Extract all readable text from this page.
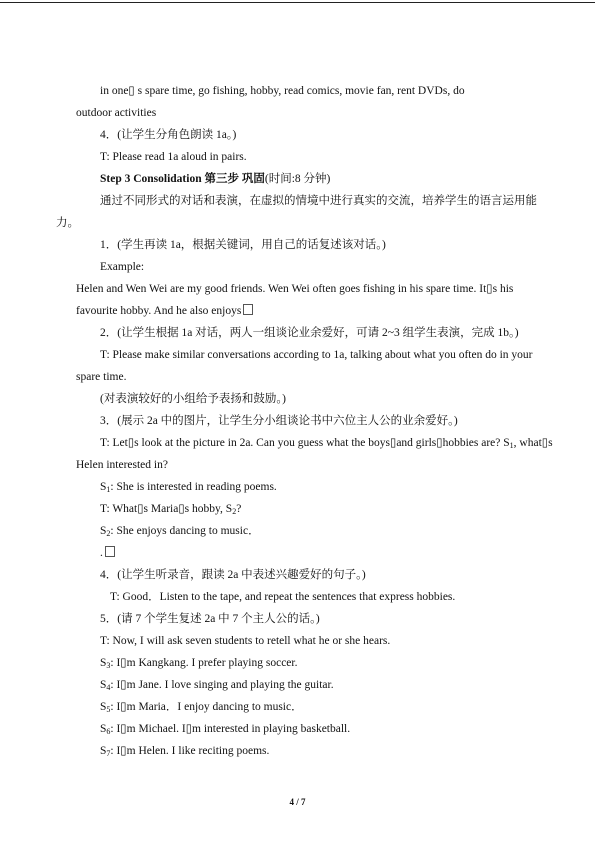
in one▯ s spare time, go fishing, hobby, read comics, movie fan, rent DVDs, do
outdoor activities
4．(让学生分角色朗读 1a。)
T: Please read 1a aloud in pairs.
Step 3 Consolidation 第三步 巩固(时间:8 分钟)
通过不同形式的对话和表演，在虚拟的情境中进行真实的交流，培养学生的语言运用能
力。
1．(学生再读 1a，根据关键词，用自己的话复述该对话。)
Example:
Helen and Wen Wei are my good friends. Wen Wei often goes fishing in his spare time. It▯s his
favourite hobby. And he also enjoys
2．(让学生根据 1a 对话，两人一组谈论业余爱好，可请 2~3 组学生表演，完成 1b。)
T: Please make similar conversations according to 1a, talking about what you often do in your
spare time.
(对表演较好的小组给予表扬和鼓励。)
3．(展示 2a 中的图片，让学生分小组谈论书中六位主人公的业余爱好。)
T: Let▯s look at the picture in 2a. Can you guess what the boys▯and girls▯hobbies are? $S_1$, what▯s
Helen interested in?
$S_1$: She is interested in reading poems.
T: What▯s Maria▯s hobby, $S_2$?
$S_2$: She enjoys dancing to music．
.
4．(让学生听录音，跟读 2a 中表述兴趣爱好的句子。)
T: Good．Listen to the tape, and repeat the sentences that express hobbies.
5．(请 7 个学生复述 2a 中 7 个主人公的话。)
T: Now, I will ask seven students to retell what he or she hears.
$S_3$: I▯m Kangkang. I prefer playing soccer.
$S_4$: I▯m Jane. I love singing and playing the guitar.
$S_5$: I▯m Maria．I enjoy dancing to music．
$S_6$: I▯m Michael. I▯m interested in playing basketball.
$S_7$: I▯m Helen. I like reciting poems.
4 / 7
